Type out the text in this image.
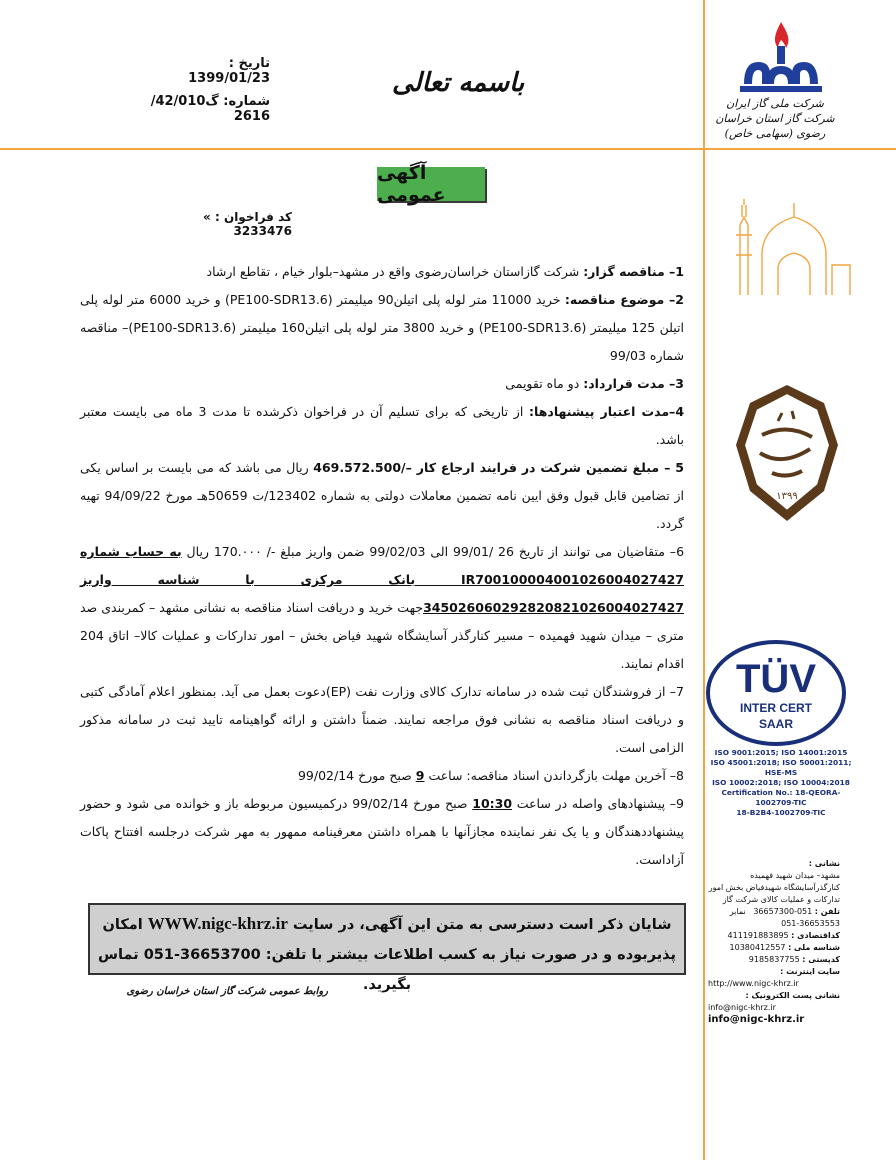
تاریخ : 1399/01/23
شماره: گ42/010/ 2616
باسمه تعالی
شرکت ملی گاز ایران
شرکت گاز استان خراسان رضوی (سهامی خاص)
آگهی عمومی
« کد فراخوان : 3233476

1– مناقصه گزار: شرکت گازاستان خراسان‌رضوی واقع در مشهد–بلوار خیام ، تقاطع ارشاد

2– موضوع مناقصه: خرید 11000 متر لوله پلی اتیلن90 میلیمتر (PE100-SDR13.6) و خرید 6000 متر لوله پلی اتیلن 125 میلیمتر (PE100-SDR13.6) و خرید 3800 متر لوله پلی اتیلن160 میلیمتر (PE100-SDR13.6)– مناقصه شماره 99/03

3– مدت قرارداد: دو ماه تقویمی

4–مدت اعتبار پیشنهادها: از تاریخی که برای تسلیم آن در فراخوان ذکرشده تا مدت 3 ماه می بایست معتبر باشد.

5 – مبلغ تضمین شرکت در فرایند ارجاع کار –/469.572.500 ریال می باشد که می بایست بر اساس یکی از تضامین قابل قبول وفق ایین نامه تضمین معاملات دولتی به شماره 123402/ت 50659هـ مورخ 94/09/22 تهیه گردد.

6– متقاضیان می توانند از تاریخ 26 /99/01 الی 99/02/03 ضمن واریز مبلغ -/ 170.٠٠٠ ریال به حساب شماره IR700100004001026004027427 بانک مرکزی با شناسه واریز 345026060292820821026004027427جهت خرید و دریافت اسناد مناقصه به نشانی مشهد – کمربندی صد متری – میدان شهید فهمیده – مسیر کنارگذر آسایشگاه شهید فیاض بخش – امور تدارکات و عملیات کالا– اتاق 204 اقدام نمایند.

7– از فروشندگان ثبت شده در سامانه تدارک کالای وزارت نفت (EP)دعوت بعمل می آید. بمنظور اعلام آمادگی کتبی و دریافت اسناد مناقصه به نشانی فوق مراجعه نمایند. ضمناً داشتن و ارائه گواهینامه تایید ثبت در سامانه مذکور الزامی است.

8– آخرین مهلت بازگرداندن اسناد مناقصه: ساعت 9 صبح مورخ 99/02/14

9– پیشنهادهای واصله در ساعت 10:30 صبح مورخ 99/02/14 درکمیسیون مربوطه باز و خوانده می شود و حضور پیشنهاددهندگان و یا یک نفر نماینده مجازآنها با همراه داشتن معرفینامه ممهور به مهر شرکت درجلسه افتتاح پاکات آزاداست.

شایان ذکر است دسترسی به متن این آگهی، در سایت WWW.nigc-khrz.ir امکان
پذیربوده و در صورت نیاز به کسب اطلاعات بیشتر با تلفن: 36653700-051 تماس بگیرید.
روابط عمومی شرکت گاز استان خراسان رضوی
۱۳۹۹
TÜV
INTER CERT
SAAR
ISO 9001:2015; ISO 14001:2015
ISO 45001:2018; ISO 50001:2011; HSE-MS
ISO 10002:2018; ISO 10004:2018
Certification No.: 18-QEORA-1002709-TIC
18-B2B4-1002709-TIC
نشانی :
مشهد– میدان شهید فهمیده کنارگذرآسایشگاه شهیدفیاض بخش امور تدارکات و عملیات کالای شرکت گاز
تلفن : 051-36657300   نمابر
051-36653553
کداقتصادی : 411191883895
شناسه ملی : 10380412557
کدپستی : 9185837755
سایت اینترنت :
http://www.nigc-khrz.ir
نشانی پست الکترونیک :
info@nigc-khrz.ir
info@nigc-khrz.ir
